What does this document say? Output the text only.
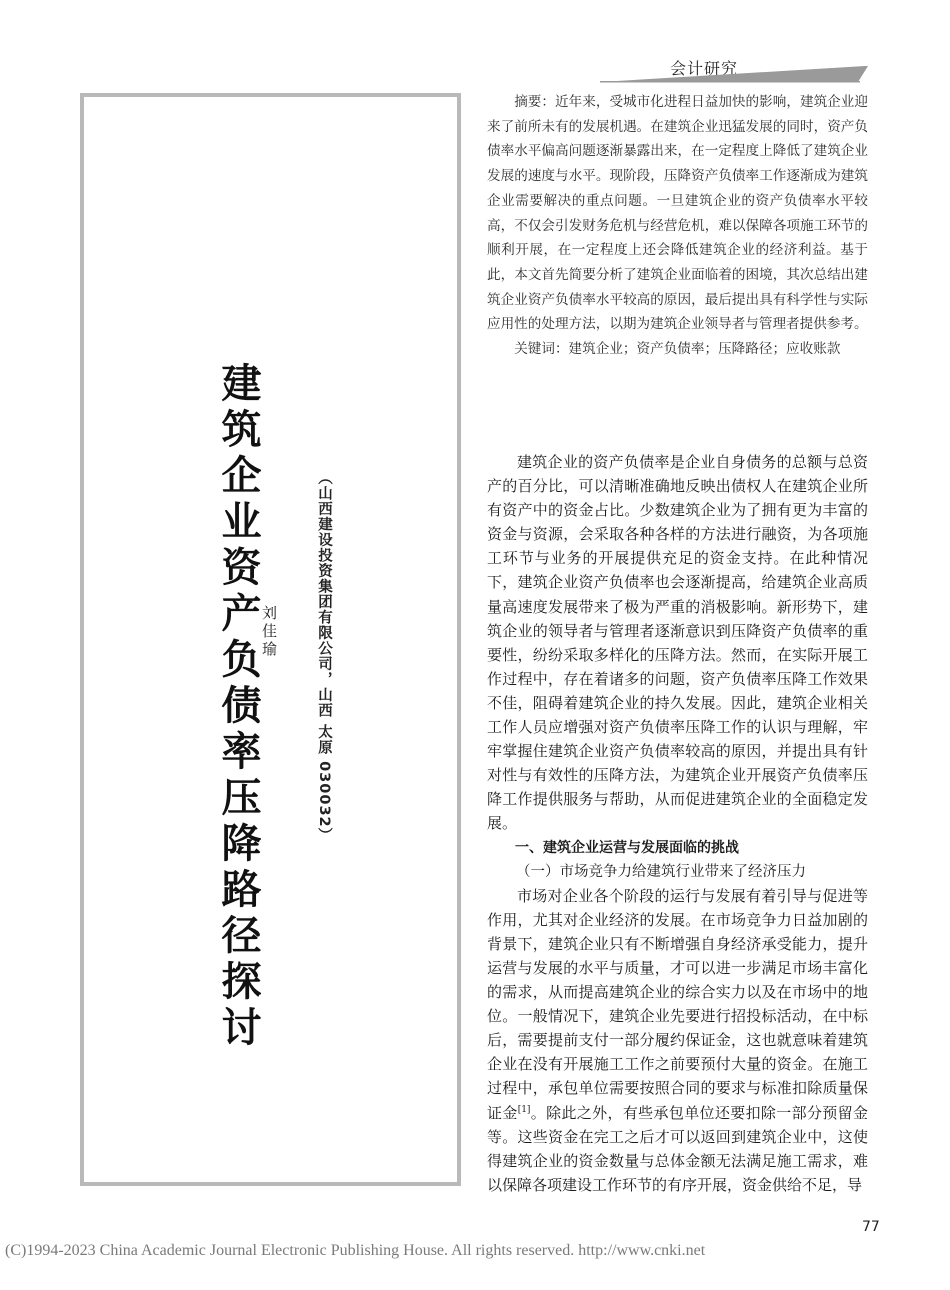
会计研究
建筑企业资产负债率压降路径探讨 刘佳瑜	（山西建设投资集团有限公司，山西 太原 030032）

摘要：近年来，受城市化进程日益加快的影响，建筑企业迎来了前所未有的发展机遇。在建筑企业迅猛发展的同时，资产负债率水平偏高问题逐渐暴露出来，在一定程度上降低了建筑企业发展的速度与水平。现阶段，压降资产负债率工作逐渐成为建筑企业需要解决的重点问题。一旦建筑企业的资产负债率水平较高，不仅会引发财务危机与经营危机，难以保障各项施工环节的顺利开展，在一定程度上还会降低建筑企业的经济利益。基于此，本文首先简要分析了建筑企业面临着的困境，其次总结出建筑企业资产负债率水平较高的原因，最后提出具有科学性与实际应用性的处理方法，以期为建筑企业领导者与管理者提供参考。

关键词：建筑企业；资产负债率；压降路径；应收账款

建筑企业的资产负债率是企业自身债务的总额与总资产的百分比，可以清晰准确地反映出债权人在建筑企业所有资产中的资金占比。少数建筑企业为了拥有更为丰富的资金与资源，会采取各种各样的方法进行融资，为各项施工环节与业务的开展提供充足的资金支持。在此种情况下，建筑企业资产负债率也会逐渐提高，给建筑企业高质量高速度发展带来了极为严重的消极影响。新形势下，建筑企业的领导者与管理者逐渐意识到压降资产负债率的重要性，纷纷采取多样化的压降方法。然而，在实际开展工作过程中，存在着诸多的问题，资产负债率压降工作效果不佳，阻碍着建筑企业的持久发展。因此，建筑企业相关工作人员应增强对资产负债率压降工作的认识与理解，牢牢掌握住建筑企业资产负债率较高的原因，并提出具有针对性与有效性的压降方法，为建筑企业开展资产负债率压降工作提供服务与帮助，从而促进建筑企业的全面稳定发展。

一、建筑企业运营与发展面临的挑战

（一）市场竞争力给建筑行业带来了经济压力

市场对企业各个阶段的运行与发展有着引导与促进等作用，尤其对企业经济的发展。在市场竞争力日益加剧的背景下，建筑企业只有不断增强自身经济承受能力，提升运营与发展的水平与质量，才可以进一步满足市场丰富化的需求，从而提高建筑企业的综合实力以及在市场中的地位。一般情况下，建筑企业先要进行招投标活动，在中标后，需要提前支付一部分履约保证金，这也就意味着建筑企业在没有开展施工工作之前要预付大量的资金。在施工过程中，承包单位需要按照合同的要求与标准扣除质量保证金[1]。除此之外，有些承包单位还要扣除一部分预留金等。这些资金在完工之后才可以返回到建筑企业中，这使得建筑企业的资金数量与总体金额无法满足施工需求，难以保障各项建设工作环节的有序开展，资金供给不足，导

77
(C)1994-2023 China Academic Journal Electronic Publishing House. All rights reserved. http://www.cnki.net
